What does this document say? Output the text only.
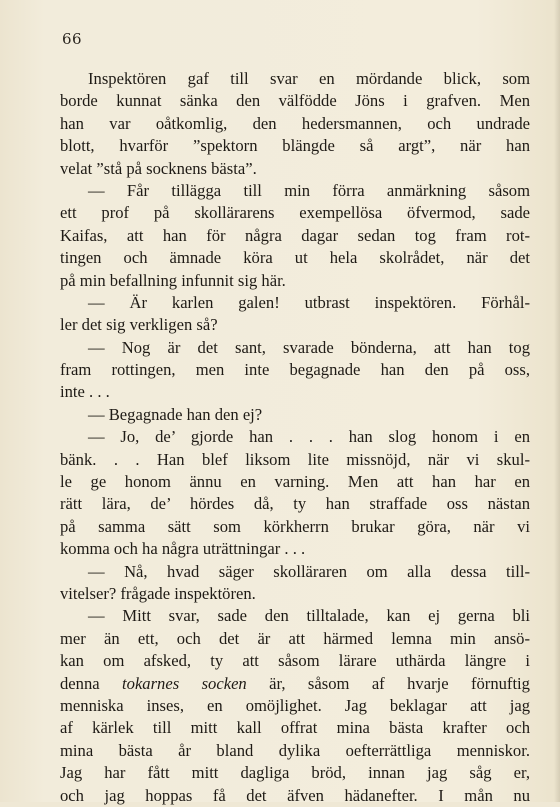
66
Inspektören gaf till svar en mördande blick, som
borde kunnat sänka den välfödde Jöns i grafven. Men
han var oåtkomlig, den hedersmannen, och undrade
blott, hvarför ”spektorn blängde så argt”, när han
velat ”stå på socknens bästa”.
— Får tillägga till min förra anmärkning såsom
ett prof på skollärarens exempellösa öfvermod, sade
Kaifas, att han för några dagar sedan tog fram rot-
tingen och ämnade köra ut hela skolrådet, när det
på min befallning infunnit sig här.
— Är karlen galen! utbrast inspektören. Förhål-
ler det sig verkligen så?
— Nog är det sant, svarade bönderna, att han tog
fram rottingen, men inte begagnade han den på oss,
inte . . .
— Begagnade han den ej?
— Jo, de’ gjorde han . . . han slog honom i en
bänk. . . Han blef liksom lite missnöjd, när vi skul-
le ge honom ännu en varning. Men att han har en
rätt lära, de’ hördes då, ty han straffade oss nästan
på samma sätt som körkherrn brukar göra, när vi
komma och ha några uträttningar . . .
— Nå, hvad säger skolläraren om alla dessa till-
vitelser? frågade inspektören.
— Mitt svar, sade den tilltalade, kan ej gerna bli
mer än ett, och det är att härmed lemna min ansö-
kan om afsked, ty att såsom lärare uthärda längre i
denna tokarnes socken är, såsom af hvarje förnuftig
menniska inses, en omöjlighet. Jag beklagar att jag
af kärlek till mitt kall offrat mina bästa krafter och
mina bästa år bland dylika oefterrättliga menniskor.
Jag har fått mitt dagliga bröd, innan jag såg er,
och jag hoppas få det äfven hädanefter. I mån nu
